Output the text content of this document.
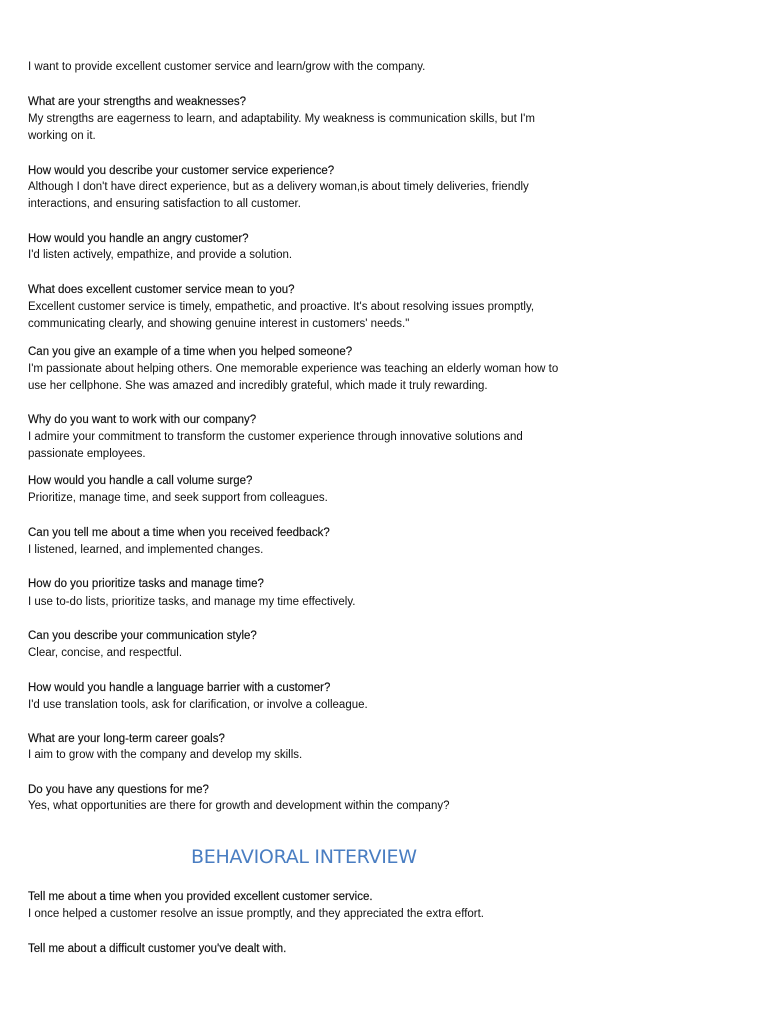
I want to provide excellent customer service and learn/grow with the company.
What are your strengths and weaknesses?
My strengths are eagerness to learn, and adaptability. My weakness is communication skills, but I'm
working on it.
How would you describe your customer service experience?
Although I don't have direct experience, but as a delivery woman,is about timely deliveries, friendly
interactions, and ensuring satisfaction to all customer.
How would you handle an angry customer?
I'd listen actively, empathize, and provide a solution.
What does excellent customer service mean to you?
Excellent customer service is timely, empathetic, and proactive. It's about resolving issues promptly,
communicating clearly, and showing genuine interest in customers' needs."
Can you give an example of a time when you helped someone?
I'm passionate about helping others. One memorable experience was teaching an elderly woman how to
use her cellphone. She was amazed and incredibly grateful, which made it truly rewarding.
Why do you want to work with our company?
I admire your commitment to transform the customer experience through innovative solutions and
passionate employees.
How would you handle a call volume surge?
Prioritize, manage time, and seek support from colleagues.
Can you tell me about a time when you received feedback?
I listened, learned, and implemented changes.
How do you prioritize tasks and manage time?
I use to-do lists, prioritize tasks, and manage my time effectively.
Can you describe your communication style?
Clear, concise, and respectful.
How would you handle a language barrier with a customer?
I'd use translation tools, ask for clarification, or involve a colleague.
What are your long-term career goals?
I aim to grow with the company and develop my skills.
Do you have any questions for me?
Yes, what opportunities are there for growth and development within the company?
BEHAVIORAL INTERVIEW
Tell me about a time when you provided excellent customer service.
I once helped a customer resolve an issue promptly, and they appreciated the extra effort.
Tell me about a difficult customer you've dealt with.
